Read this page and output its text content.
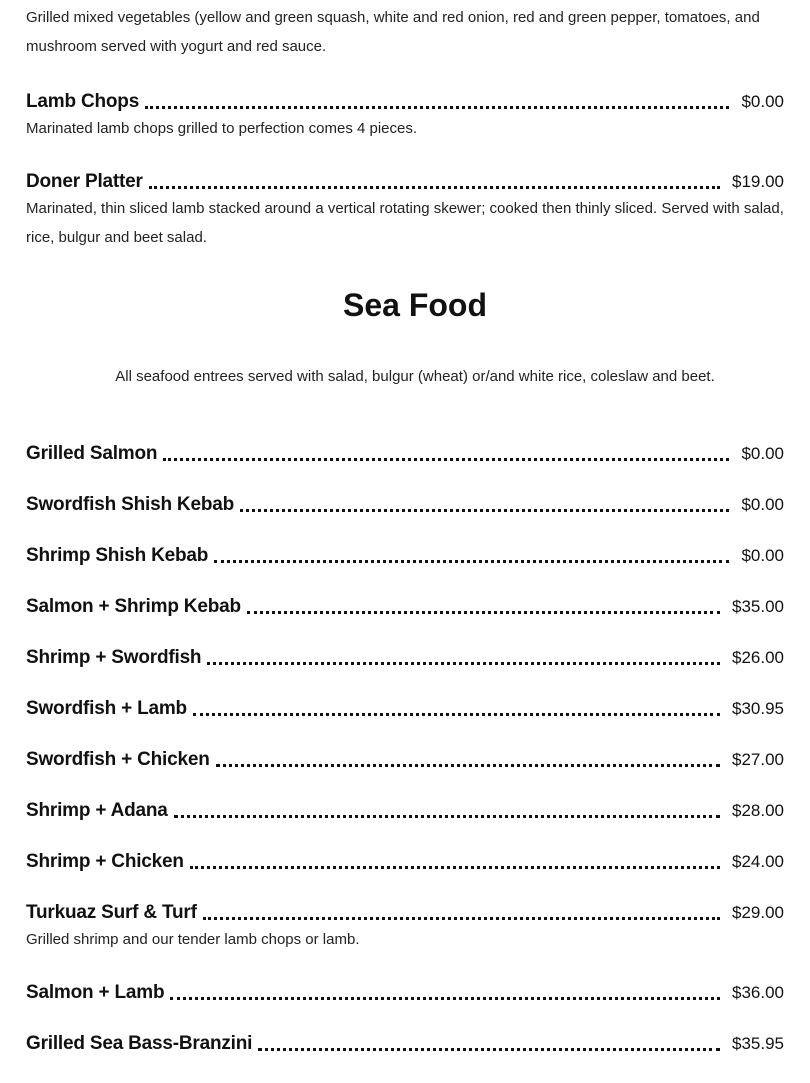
Grilled mixed vegetables (yellow and green squash, white and red onion, red and green pepper, tomatoes, and mushroom served with yogurt and red sauce.

Lamb Chops	$0.00

Marinated lamb chops grilled to perfection comes 4 pieces.

Doner Platter	$19.00

Marinated, thin sliced lamb stacked around a vertical rotating skewer; cooked then thinly sliced. Served with salad, rice, bulgur and beet salad.

Sea Food

All seafood entrees served with salad, bulgur (wheat) or/and white rice, coleslaw and beet.

Grilled Salmon	$0.00
Swordfish Shish Kebab	$0.00
Shrimp Shish Kebab	$0.00
Salmon + Shrimp Kebab	$35.00
Shrimp + Swordfish	$26.00
Swordfish + Lamb	$30.95
Swordfish + Chicken	$27.00
Shrimp + Adana	$28.00
Shrimp + Chicken	$24.00
Turkuaz Surf & Turf	$29.00

Grilled shrimp and our tender lamb chops or lamb.

Salmon + Lamb	$36.00
Grilled Sea Bass-Branzini	$35.95
